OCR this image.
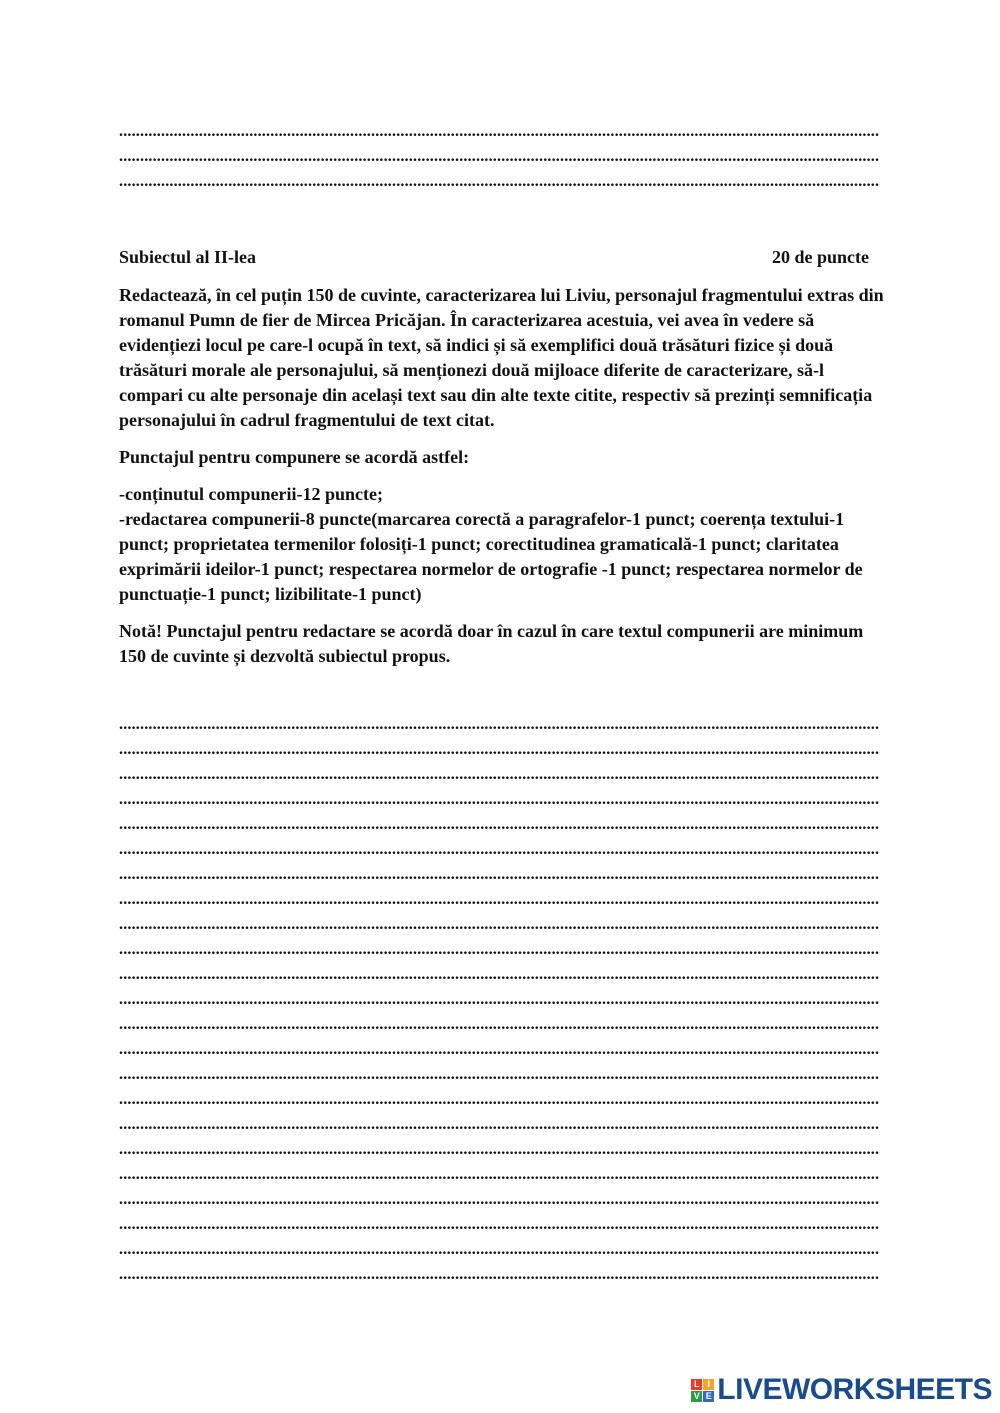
.....
.....
.....
Subiectul al II-lea	20 de puncte

Redactează, în cel puțin 150 de cuvinte, caracterizarea lui Liviu, personajul fragmentului extras din romanul Pumn de fier de Mircea Pricăjan. În caracterizarea acestuia, vei avea în vedere să evidențiezi locul pe care-l ocupă în text, să indici și să exemplifici două trăsături fizice și două trăsături morale ale personajului, să menționezi două mijloace diferite de caracterizare, să-l compari cu alte personaje din același text sau din alte texte citite, respectiv să prezinți semnificația personajului în cadrul fragmentului de text citat.

Punctajul pentru compunere se acordă astfel:

-conținutul compunerii-12 puncte;
-redactarea compunerii-8 puncte(marcarea corectă a paragrafelor-1 punct; coerența textului-1 punct; proprietatea termenilor folosiți-1 punct; corectitudinea gramaticală-1 punct; claritatea exprimării ideilor-1 punct; respectarea normelor de ortografie -1 punct; respectarea normelor de punctuație-1 punct; lizibilitate-1 punct)

Notă! Punctajul pentru redactare se acordă doar în cazul în care textul compunerii are minimum 150 de cuvinte și dezvoltă subiectul propus.

.....
.....
.....
.....
.....
.....
.....
.....
.....
.....
.....
.....
.....
.....
.....
.....
.....
.....
.....
.....
.....
.....
.....
L I
V E LIVEWORKSHEETS
